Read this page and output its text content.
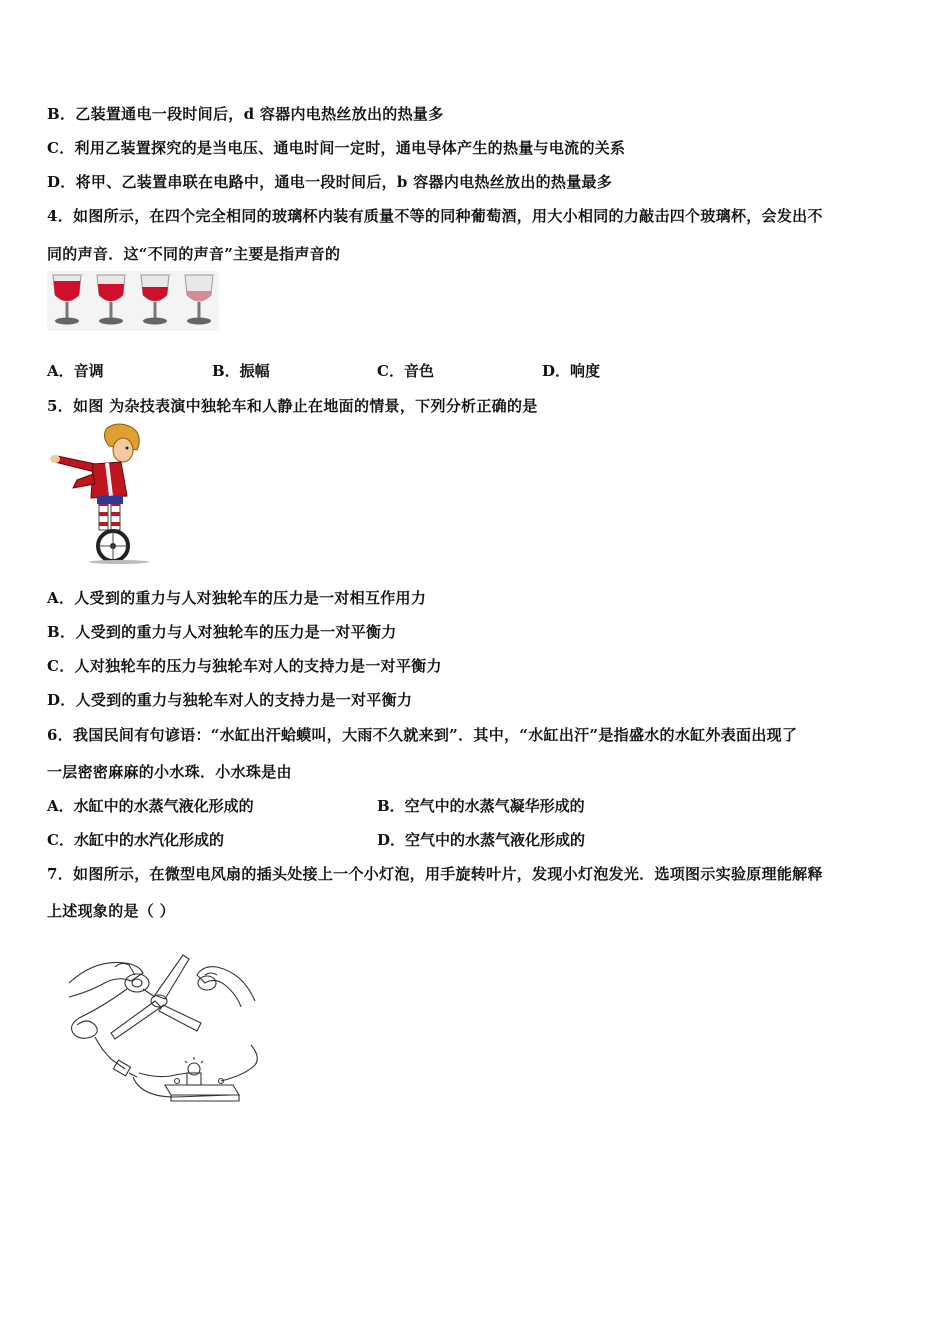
B．乙装置通电一段时间后，d 容器内电热丝放出的热量多
C．利用乙装置探究的是当电压、通电时间一定时，通电导体产生的热量与电流的关系
D．将甲、乙装置串联在电路中，通电一段时间后，b 容器内电热丝放出的热量最多
4．如图所示，在四个完全相同的玻璃杯内装有质量不等的同种葡萄酒，用大小相同的力敲击四个玻璃杯，会发出不
同的声音．这“不同的声音”主要是指声音的
A．音调	B．振幅	C．音色	D．响度
5．如图 为杂技表演中独轮车和人静止在地面的情景，下列分析正确的是
A．人受到的重力与人对独轮车的压力是一对相互作用力
B．人受到的重力与人对独轮车的压力是一对平衡力
C．人对独轮车的压力与独轮车对人的支持力是一对平衡力
D．人受到的重力与独轮车对人的支持力是一对平衡力
6．我国民间有句谚语：“水缸出汗蛤蟆叫，大雨不久就来到”．其中，“水缸出汗”是指盛水的水缸外表面出现了
一层密密麻麻的小水珠．小水珠是由
A．水缸中的水蒸气液化形成的	B．空气中的水蒸气凝华形成的
C．水缸中的水汽化形成的	D．空气中的水蒸气液化形成的
7．如图所示，在微型电风扇的插头处接上一个小灯泡，用手旋转叶片，发现小灯泡发光．选项图示实验原理能解释
上述现象的是（ ）
